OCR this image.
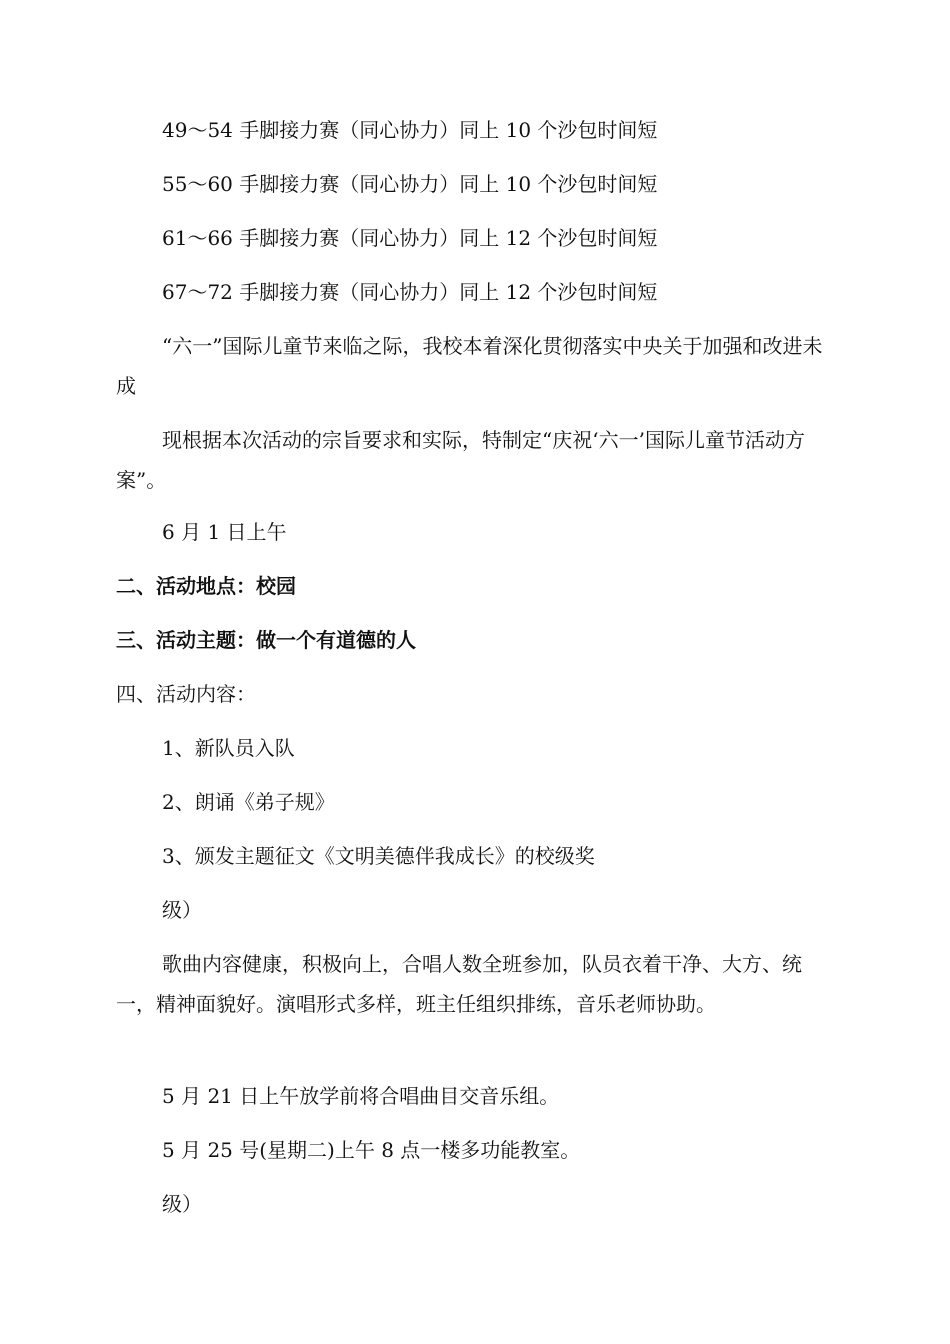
49～54 手脚接力赛（同心协力）同上 10 个沙包时间短

55～60 手脚接力赛（同心协力）同上 10 个沙包时间短

61～66 手脚接力赛（同心协力）同上 12 个沙包时间短

67～72 手脚接力赛（同心协力）同上 12 个沙包时间短

“六一”国际儿童节来临之际，我校本着深化贯彻落实中央关于加强和改进未成

现根据本次活动的宗旨要求和实际，特制定“庆祝‘六一’国际儿童节活动方案”。

6 月 1 日上午

二、活动地点：校园

三、活动主题：做一个有道德的人

四、活动内容：

1、新队员入队

2、朗诵《弟子规》

3、颁发主题征文《文明美德伴我成长》的校级奖

级）

歌曲内容健康，积极向上，合唱人数全班参加，队员衣着干净、大方、统一，精神面貌好。演唱形式多样，班主任组织排练，音乐老师协助。

5 月 21 日上午放学前将合唱曲目交音乐组。

5 月 25 号(星期二)上午 8 点一楼多功能教室。

级）
